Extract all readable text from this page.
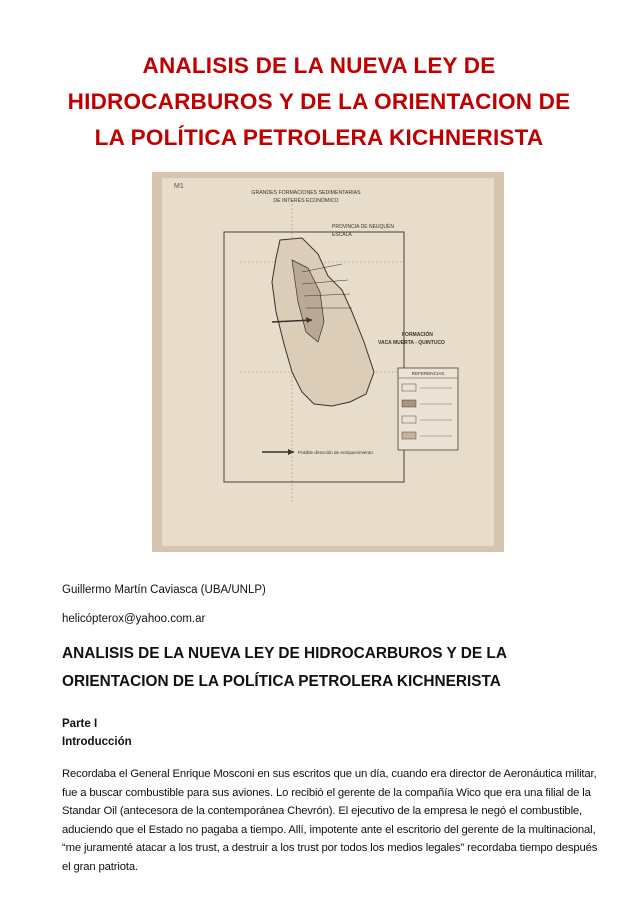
ANALISIS DE LA NUEVA LEY DE
HIDROCARBUROS Y DE LA ORIENTACION DE
LA POLÍTICA PETROLERA KICHNERISTA
M1
GRANDES FORMACIONES SEDIMENTARIAS
DE INTERÉS ECONÓMICO
PROVINCIA DE NEUQUÉN
ESCALA
FORMACIÓN
VACA MUERTA - QUINTUCO
REFERENCIAS
Posible dirección de enriquecimiento
Guillermo Martín Caviasca (UBA/UNLP)
helicópterox@yahoo.com.ar
ANALISIS DE LA NUEVA LEY DE HIDROCARBUROS Y DE LA
ORIENTACION DE LA POLÍTICA PETROLERA KICHNERISTA
Parte I
Introducción
Recordaba el General Enrique Mosconi en sus escritos que un día, cuando era director de Aeronáutica militar,
fue a buscar combustible para sus aviones. Lo recibió el gerente de la compañía Wico que era una filial de la
Standar Oil (antecesora de la contemporánea Chevrón). El ejecutivo de la empresa le negó el combustible,
aduciendo que el Estado no pagaba a tiempo. Allí, impotente ante el escritorio del gerente de la multinacional,
“me juramenté atacar a los trust, a destruir a los trust por todos los medios legales” recordaba tiempo después
el gran patriota.
